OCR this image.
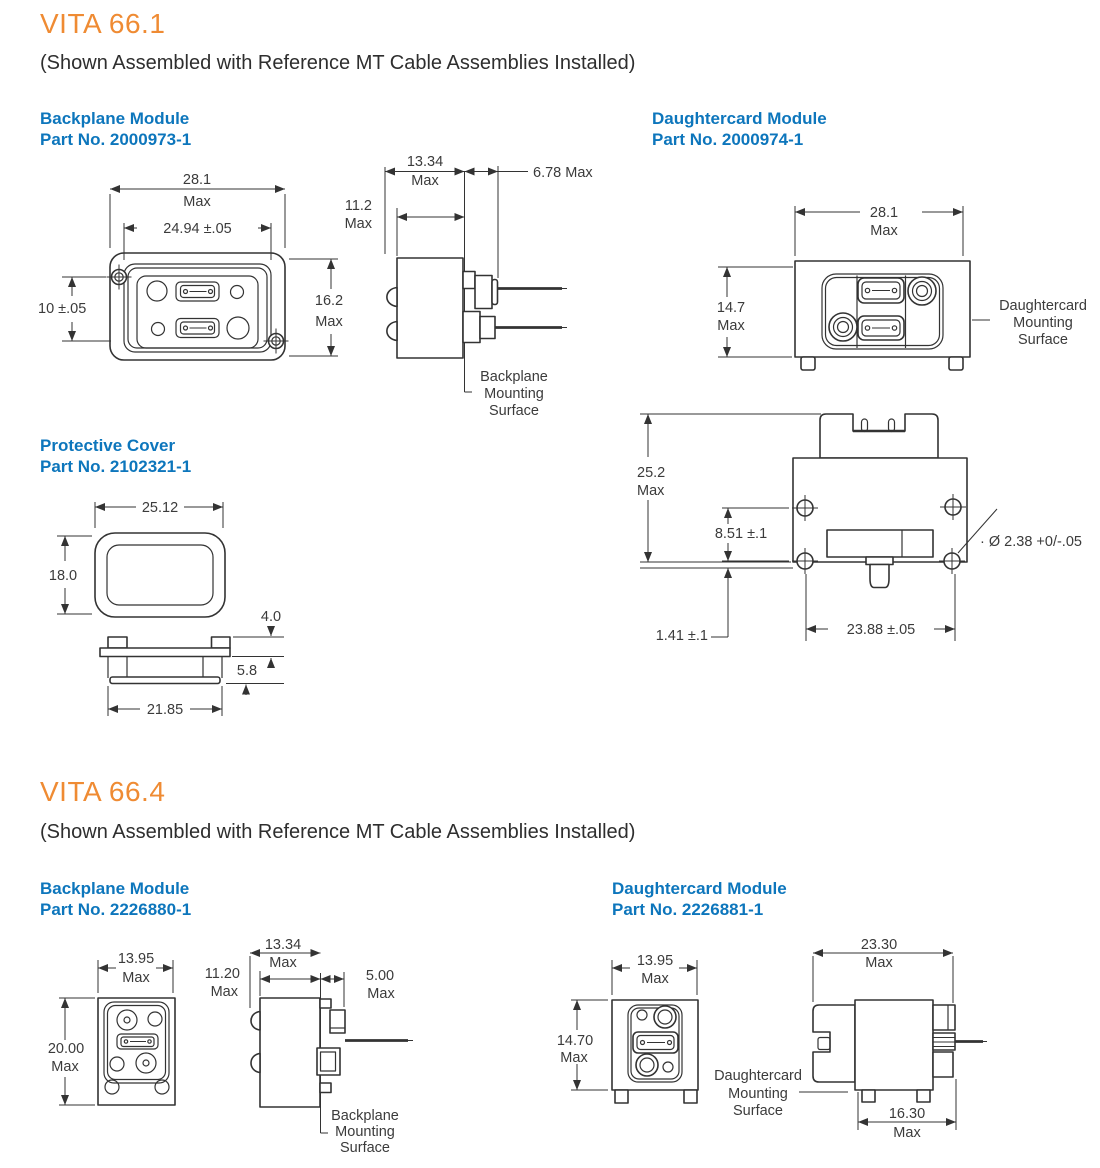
VITA 66.1
(Shown Assembled with Reference MT Cable Assemblies Installed)
Backplane Module
Part No. 2000973-1
Daughtercard Module
Part No. 2000974-1
Protective Cover
Part No. 2102321-1
VITA 66.4
(Shown Assembled with Reference MT Cable Assemblies Installed)
Backplane Module
Part No. 2226880-1
Daughtercard Module
Part No. 2226881-1
28.1
Max
24.94 ±.05
10 ±.05	16.2
Max
13.34
Max	6.78 Max
11.2
Max
Backplane
Mounting
Surface
28.1
Max
14.7
Max
Daughtercard
Mounting
Surface
25.2
Max
8.51 ±.1
1.41 ±.1	23.88 ±.05
· Ø 2.38 +0/-.05
25.12
18.0
4.0
5.8
21.85
13.95
Max
20.00
Max
13.34
Max
11.20
Max
5.00
Max
Backplane
Mounting
Surface
13.95
Max
14.70
Max
Daughtercard
Mounting
Surface
23.30
Max
16.30
Max
